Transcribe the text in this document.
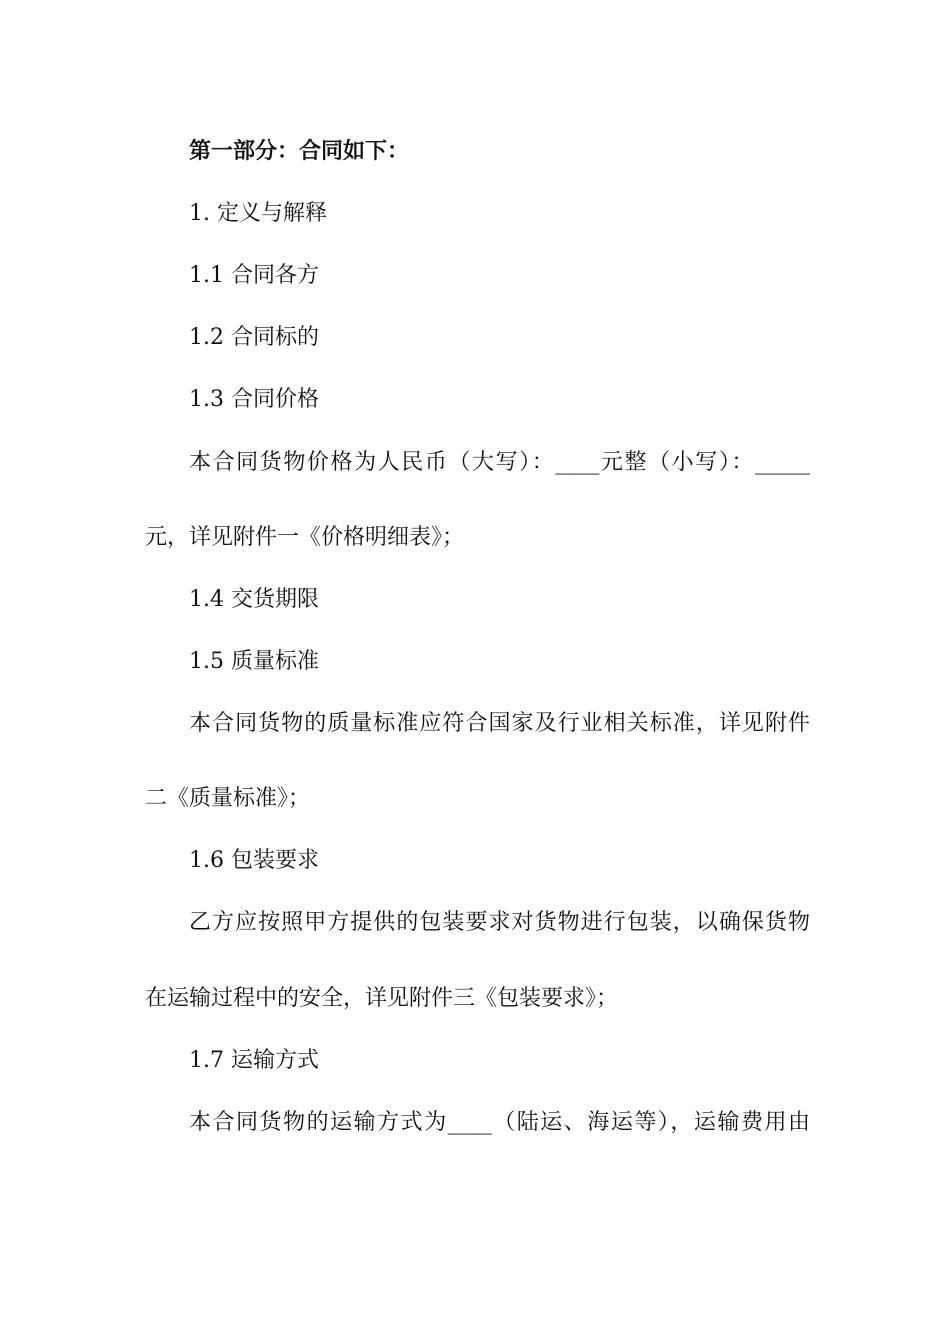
第一部分：合同如下：
1. 定义与解释
1.1 合同各方
1.2 合同标的
1.3 合同价格
本合同货物价格为人民币（大写）：____元整（小写）：_____
元，详见附件一《价格明细表》；
1.4 交货期限
1.5 质量标准
本合同货物的质量标准应符合国家及行业相关标准，详见附件
二《质量标准》；
1.6 包装要求
乙方应按照甲方提供的包装要求对货物进行包装，以确保货物
在运输过程中的安全，详见附件三《包装要求》；
1.7 运输方式
本合同货物的运输方式为____（陆运、海运等），运输费用由
